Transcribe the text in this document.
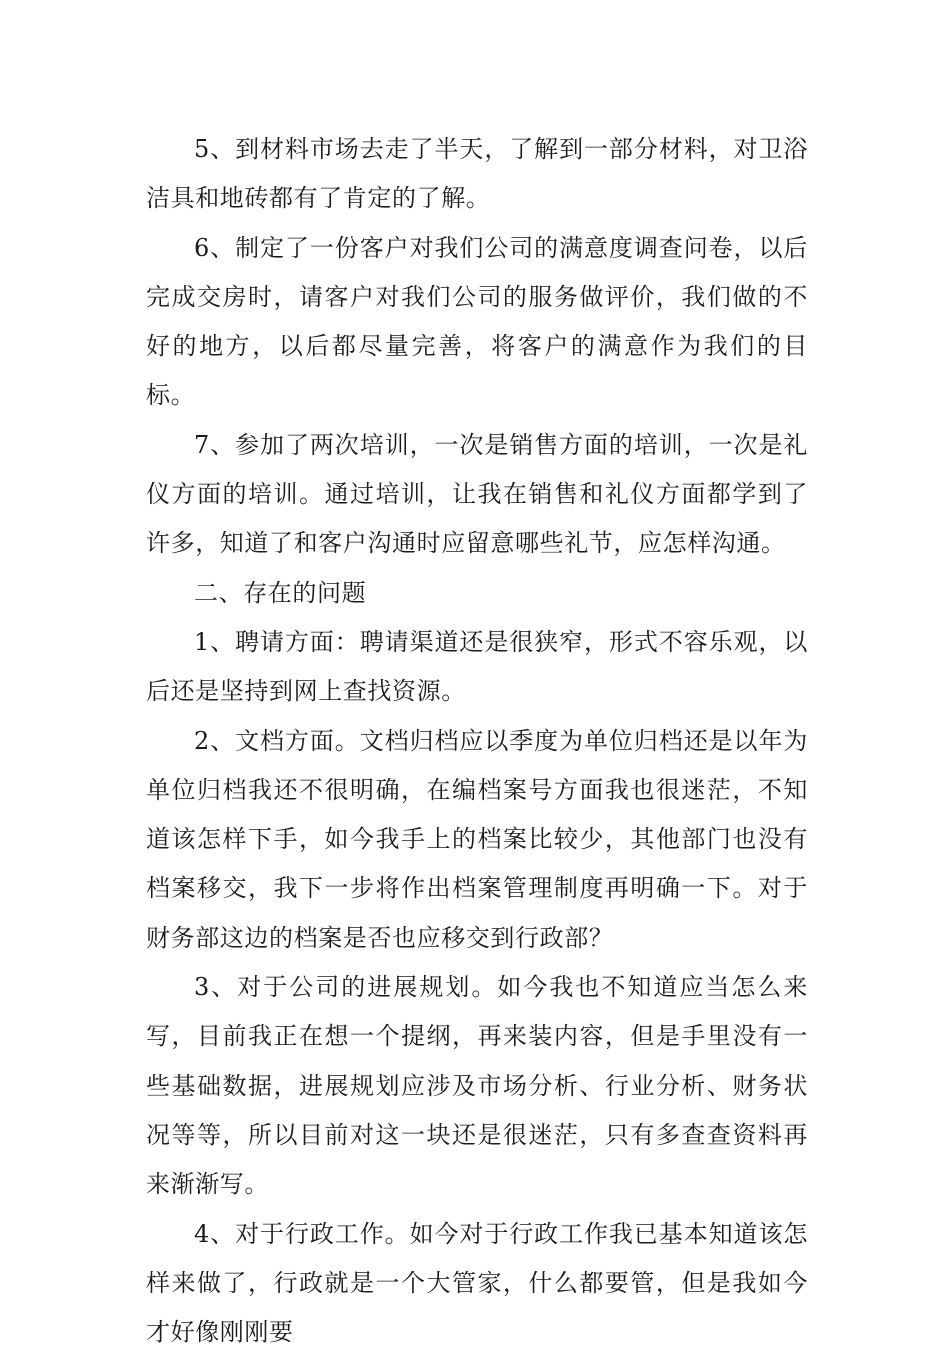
5、到材料市场去走了半天，了解到一部分材料，对卫浴洁具和地砖都有了肯定的了解。

6、制定了一份客户对我们公司的满意度调查问卷，以后完成交房时，请客户对我们公司的服务做评价，我们做的不好的地方，以后都尽量完善，将客户的满意作为我们的目标。

7、参加了两次培训，一次是销售方面的培训，一次是礼仪方面的培训。通过培训，让我在销售和礼仪方面都学到了许多，知道了和客户沟通时应留意哪些礼节，应怎样沟通。

二、存在的问题

1、聘请方面：聘请渠道还是很狭窄，形式不容乐观，以后还是坚持到网上查找资源。

2、文档方面。文档归档应以季度为单位归档还是以年为单位归档我还不很明确，在编档案号方面我也很迷茫，不知道该怎样下手，如今我手上的档案比较少，其他部门也没有档案移交，我下一步将作出档案管理制度再明确一下。对于财务部这边的档案是否也应移交到行政部？

3、对于公司的进展规划。如今我也不知道应当怎么来写，目前我正在想一个提纲，再来装内容，但是手里没有一些基础数据，进展规划应涉及市场分析、行业分析、财务状况等等，所以目前对这一块还是很迷茫，只有多查查资料再来渐渐写。

4、对于行政工作。如今对于行政工作我已基本知道该怎样来做了，行政就是一个大管家，什么都要管，但是我如今才好像刚刚要
